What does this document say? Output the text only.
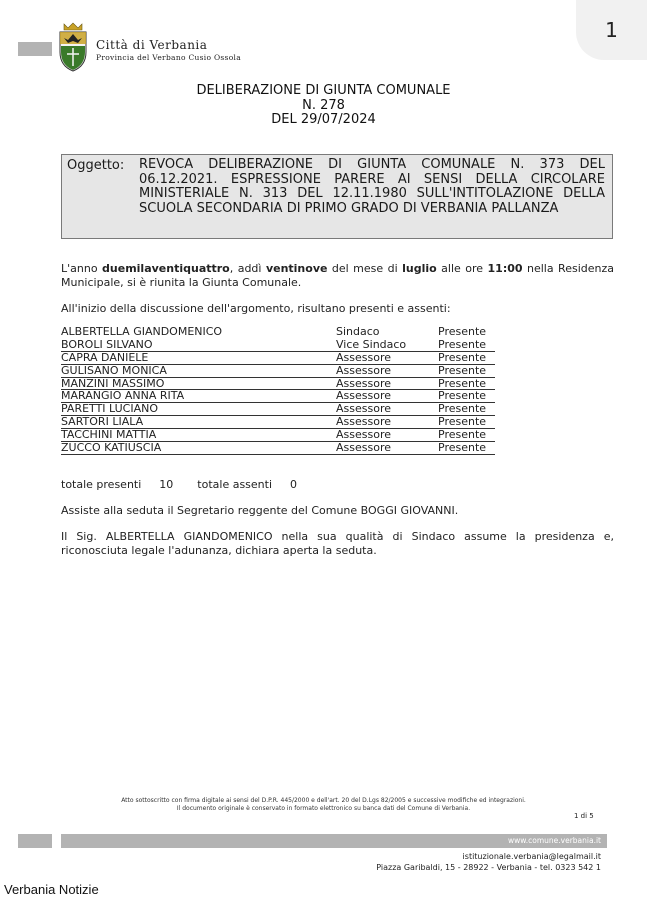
1
Città di Verbania
Provincia del Verbano Cusio Ossola
DELIBERAZIONE DI GIUNTA COMUNALE
N. 278
DEL 29/07/2024
Oggetto: REVOCA DELIBERAZIONE DI GIUNTA COMUNALE N. 373 DEL 06.12.2021. ESPRESSIONE PARERE AI SENSI DELLA CIRCOLARE MINISTERIALE N. 313 DEL 12.11.1980 SULL'INTITOLAZIONE DELLA SCUOLA SECONDARIA DI PRIMO GRADO DI VERBANIA PALLANZA
L'anno duemilaventiquattro, addì ventinove del mese di luglio alle ore 11:00 nella Residenza Municipale, si è riunita la Giunta Comunale.
All'inizio della discussione dell'argomento, risultano presenti e assenti:
ALBERTELLA GIANDOMENICO	Sindaco	Presente
BOROLI SILVANO	Vice Sindaco	Presente
CAPRA DANIELE	Assessore	Presente
GULISANO MONICA	Assessore	Presente
MANZINI MASSIMO	Assessore	Presente
MARANGIO ANNA RITA	Assessore	Presente
PARETTI LUCIANO	Assessore	Presente
SARTORI LIALA	Assessore	Presente
TACCHINI MATTIA	Assessore	Presente
ZUCCO KATIUSCIA	Assessore	Presente
totale presenti 10 totale assenti 0
Assiste alla seduta il Segretario reggente del Comune BOGGI GIOVANNI.
Il Sig. ALBERTELLA GIANDOMENICO nella sua qualità di Sindaco assume la presidenza e, riconosciuta legale l'adunanza, dichiara aperta la seduta.
Atto sottoscritto con firma digitale ai sensi del D.P.R. 445/2000 e dell'art. 20 del D.Lgs 82/2005 e successive modifiche ed integrazioni.
Il documento originale è conservato in formato elettronico su banca dati del Comune di Verbania.
1 di 5
www.comune.verbania.it
istituzionale.verbania@legalmail.it
Piazza Garibaldi, 15 - 28922 - Verbania - tel. 0323 542 1
Verbania Notizie
